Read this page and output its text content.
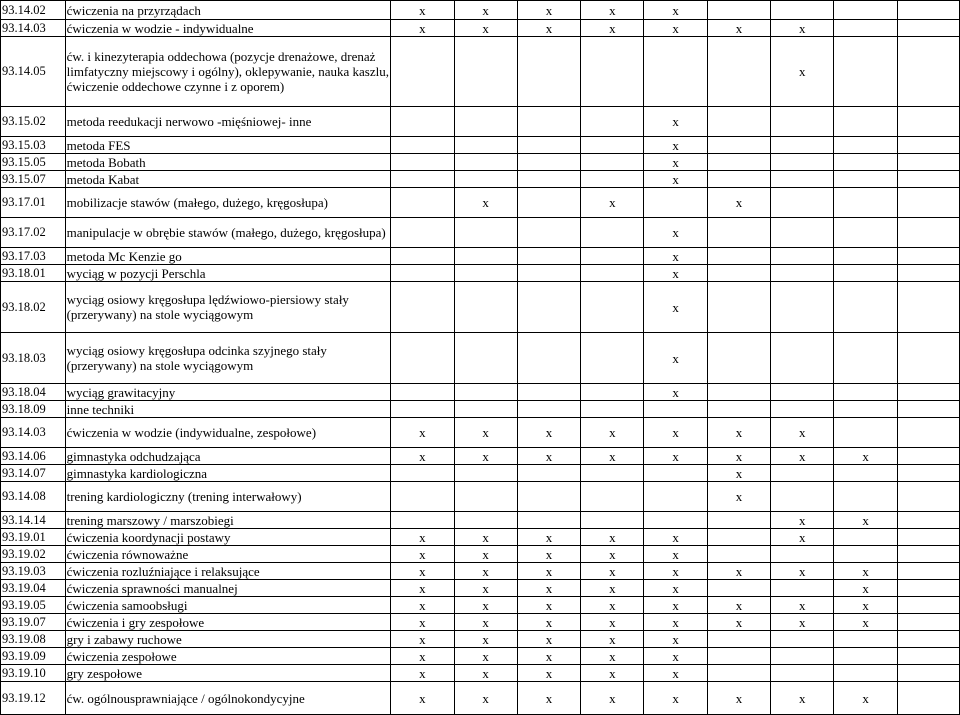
93.14.02	ćwiczenia na przyrządach	x	x	x	x	x				
93.14.03	ćwiczenia w wodzie - indywidualne	x	x	x	x	x	x	x		
93.14.05	ćw. i kinezyterapia oddechowa (pozycje drenażowe, drenaż limfatyczny miejscowy i ogólny), oklepywanie, nauka kaszlu, ćwiczenie oddechowe czynne i z oporem)							x		
93.15.02	metoda reedukacji nerwowo -mięśniowej- inne					x				
93.15.03	metoda FES					x				
93.15.05	metoda Bobath					x				
93.15.07	metoda Kabat					x				
93.17.01	mobilizacje stawów (małego, dużego, kręgosłupa)		x		x		x			
93.17.02	manipulacje w obrębie stawów (małego, dużego, kręgosłupa)					x				
93.17.03	metoda Mc Kenzie go					x				
93.18.01	wyciąg w pozycji Perschla					x				
93.18.02	wyciąg osiowy kręgosłupa lędźwiowo-piersiowy stały (przerywany) na stole wyciągowym					x				
93.18.03	wyciąg osiowy kręgosłupa odcinka szyjnego stały (przerywany) na stole wyciągowym					x				
93.18.04	wyciąg grawitacyjny					x				
93.18.09	inne techniki									
93.14.03	ćwiczenia w wodzie (indywidualne, zespołowe)	x	x	x	x	x	x	x		
93.14.06	gimnastyka odchudzająca	x	x	x	x	x	x	x	x	
93.14.07	gimnastyka kardiologiczna						x			
93.14.08	trening kardiologiczny (trening interwałowy)						x			
93.14.14	trening marszowy / marszobiegi							x	x	
93.19.01	ćwiczenia koordynacji postawy	x	x	x	x	x		x		
93.19.02	ćwiczenia równoważne	x	x	x	x	x				
93.19.03	ćwiczenia rozluźniające i relaksujące	x	x	x	x	x	x	x	x	
93.19.04	ćwiczenia sprawności manualnej	x	x	x	x	x			x	
93.19.05	ćwiczenia samoobsługi	x	x	x	x	x	x	x	x	
93.19.07	ćwiczenia i gry zespołowe	x	x	x	x	x	x	x	x	
93.19.08	gry i zabawy ruchowe	x	x	x	x	x				
93.19.09	ćwiczenia zespołowe	x	x	x	x	x				
93.19.10	gry zespołowe	x	x	x	x	x				
93.19.12	ćw. ogólnousprawniające / ogólnokondycyjne	x	x	x	x	x	x	x	x	
